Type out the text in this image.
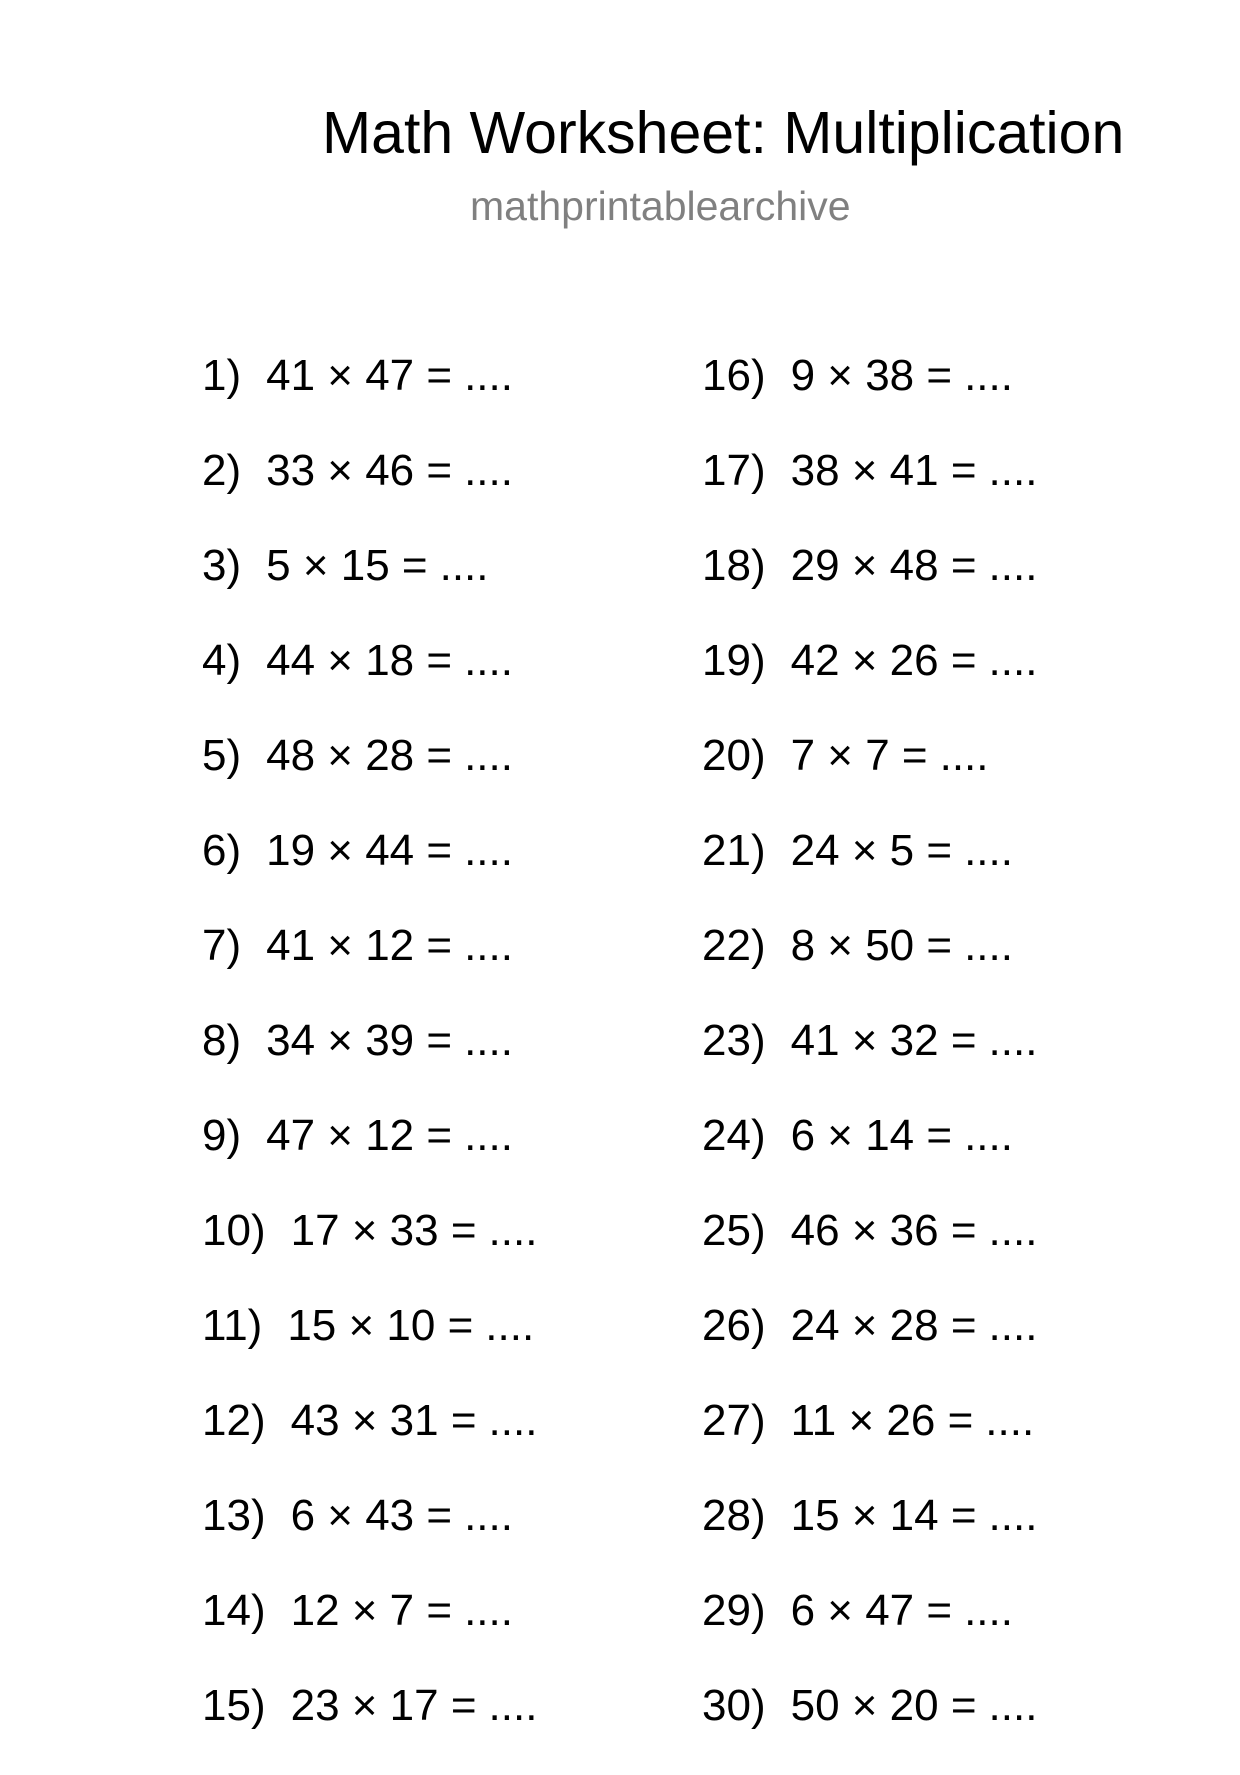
Math Worksheet: Multiplication
mathprintablearchive
1) 41 × 47 = ....
2) 33 × 46 = ....
3) 5 × 15 = ....
4) 44 × 18 = ....
5) 48 × 28 = ....
6) 19 × 44 = ....
7) 41 × 12 = ....
8) 34 × 39 = ....
9) 47 × 12 = ....
10) 17 × 33 = ....
11) 15 × 10 = ....
12) 43 × 31 = ....
13) 6 × 43 = ....
14) 12 × 7 = ....
15) 23 × 17 = ....
16) 9 × 38 = ....
17) 38 × 41 = ....
18) 29 × 48 = ....
19) 42 × 26 = ....
20) 7 × 7 = ....
21) 24 × 5 = ....
22) 8 × 50 = ....
23) 41 × 32 = ....
24) 6 × 14 = ....
25) 46 × 36 = ....
26) 24 × 28 = ....
27) 11 × 26 = ....
28) 15 × 14 = ....
29) 6 × 47 = ....
30) 50 × 20 = ....
